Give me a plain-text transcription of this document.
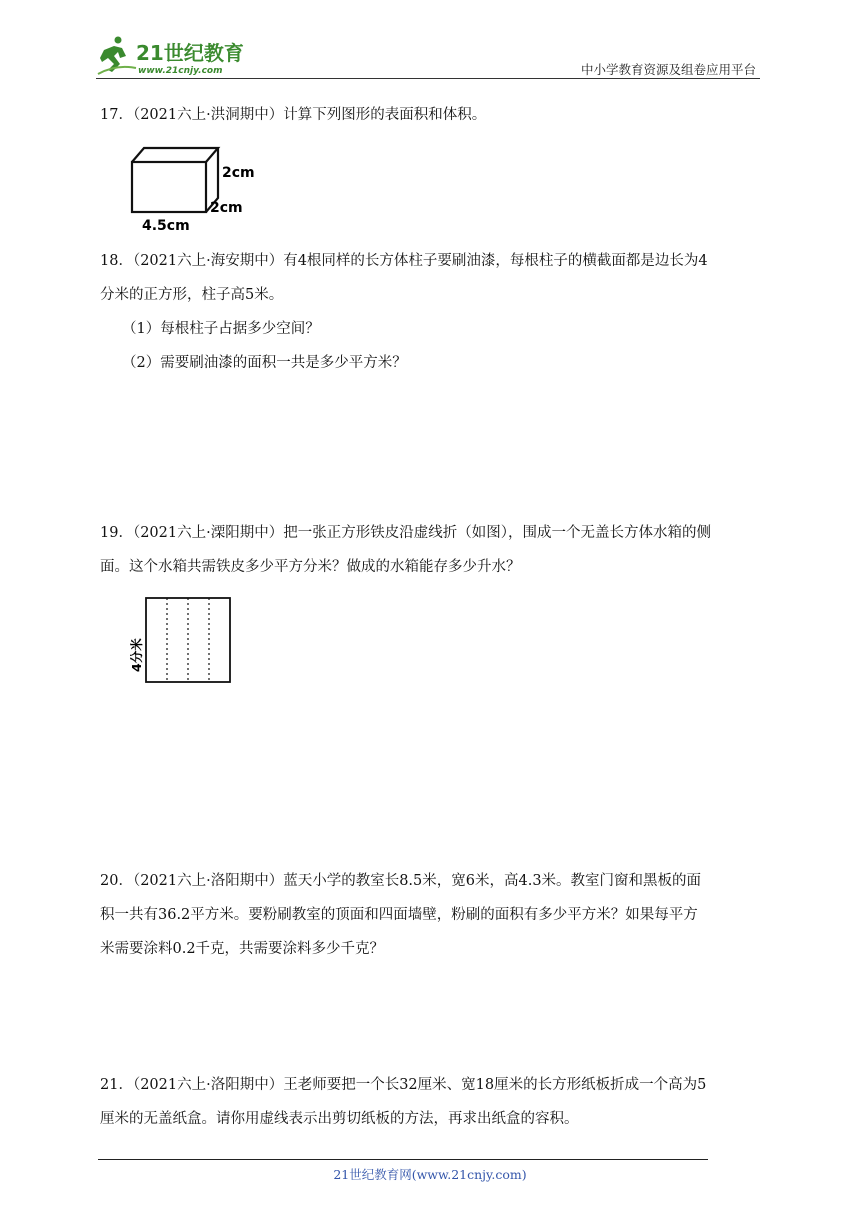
21世纪教育
www.21cnjy.com	中小学教育资源及组卷应用平台
17．（2021六上·洪洞期中）计算下列图形的表面积和体积。
2cm
2cm
4.5cm
18．（2021六上·海安期中）有4根同样的长方体柱子要刷油漆，每根柱子的横截面都是边长为4
分米的正方形，柱子高5米。
（1）每根柱子占据多少空间？
（2）需要刷油漆的面积一共是多少平方米？
19．（2021六上·溧阳期中）把一张正方形铁皮沿虚线折（如图），围成一个无盖长方体水箱的侧
面。这个水箱共需铁皮多少平方分米？做成的水箱能存多少升水？
4分米
20．（2021六上·洛阳期中）蓝天小学的教室长8.5米，宽6米，高4.3米。教室门窗和黑板的面
积一共有36.2平方米。要粉刷教室的顶面和四面墙壁，粉刷的面积有多少平方米？如果每平方
米需要涂料0.2千克，共需要涂料多少千克？
21．（2021六上·洛阳期中）王老师要把一个长32厘米、宽18厘米的长方形纸板折成一个高为5
厘米的无盖纸盒。请你用虚线表示出剪切纸板的方法，再求出纸盒的容积。
21世纪教育网(www.21cnjy.com)
